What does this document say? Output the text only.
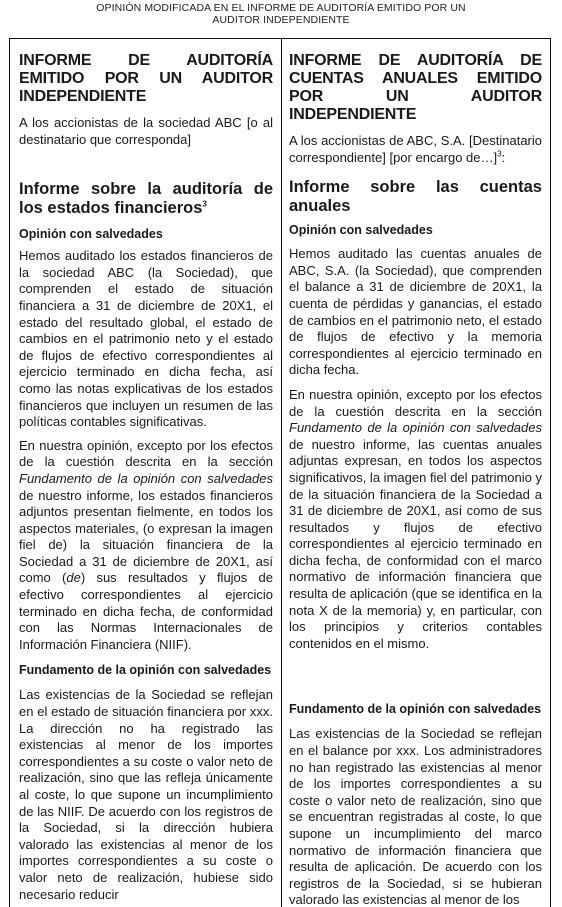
OPINIÓN MODIFICADA EN EL INFORME DE AUDITORÍA EMITIDO POR UN
AUDITOR INDEPENDIENTE
INFORME DE AUDITORÍA EMITIDO POR UN AUDITOR INDEPENDIENTE

A los accionistas de la sociedad ABC [o al destinatario que corresponda]

Informe sobre la auditoría de los estados financieros$^3$
Opinión con salvedades

Hemos auditado los estados financieros de la sociedad ABC (la Sociedad), que comprenden el estado de situación financiera a 31 de diciembre de 20X1, el estado del resultado global, el estado de cambios en el patrimonio neto y el estado de flujos de efectivo correspondientes al ejercicio terminado en dicha fecha, así como las notas explicativas de los estados financieros que incluyen un resumen de las políticas contables significativas.

En nuestra opinión, excepto por los efectos de la cuestión descrita en la sección Fundamento de la opinión con salvedades de nuestro informe, los estados financieros adjuntos presentan fielmente, en todos los aspectos materiales, (o expresan la imagen fiel de) la situación financiera de la Sociedad a 31 de diciembre de 20X1, así como (de) sus resultados y flujos de efectivo correspondientes al ejercicio terminado en dicha fecha, de conformidad con las Normas Internacionales de Información Financiera (NIIF).

Fundamento de la opinión con salvedades

Las existencias de la Sociedad se reflejan en el estado de situación financiera por xxx. La dirección no ha registrado las existencias al menor de los importes correspondientes a su coste o valor neto de realización, sino que las refleja únicamente al coste, lo que supone un incumplimiento de las NIIF. De acuerdo con los registros de la Sociedad, si la dirección hubiera valorado las existencias al menor de los importes correspondientes a su coste o valor neto de realización, hubiese sido necesario reducir

INFORME DE AUDITORÍA DE CUENTAS ANUALES EMITIDO POR UN AUDITOR INDEPENDIENTE

A los accionistas de ABC, S.A. [Destinatario correspondiente] [por encargo de…]$^3$:

Informe sobre las cuentas anuales
Opinión con salvedades

Hemos auditado las cuentas anuales de ABC, S.A. (la Sociedad), que comprenden el balance a 31 de diciembre de 20X1, la cuenta de pérdidas y ganancias, el estado de cambios en el patrimonio neto, el estado de flujos de efectivo y la memoria correspondientes al ejercicio terminado en dicha fecha.

En nuestra opinión, excepto por los efectos de la cuestión descrita en la sección Fundamento de la opinión con salvedades de nuestro informe, las cuentas anuales adjuntas expresan, en todos los aspectos significativos, la imagen fiel del patrimonio y de la situación financiera de la Sociedad a 31 de diciembre de 20X1, así como de sus resultados y flujos de efectivo correspondientes al ejercicio terminado en dicha fecha, de conformidad con el marco normativo de información financiera que resulta de aplicación (que se identifica en la nota X de la memoria) y, en particular, con los principios y criterios contables contenidos en el mismo.

Fundamento de la opinión con salvedades

Las existencias de la Sociedad se reflejan en el balance por xxx. Los administradores no han registrado las existencias al menor de los importes correspondientes a su coste o valor neto de realización, sino que se encuentran registradas al coste, lo que supone un incumplimiento del marco normativo de información financiera que resulta de aplicación. De acuerdo con los registros de la Sociedad, si se hubieran valorado las existencias al menor de los
